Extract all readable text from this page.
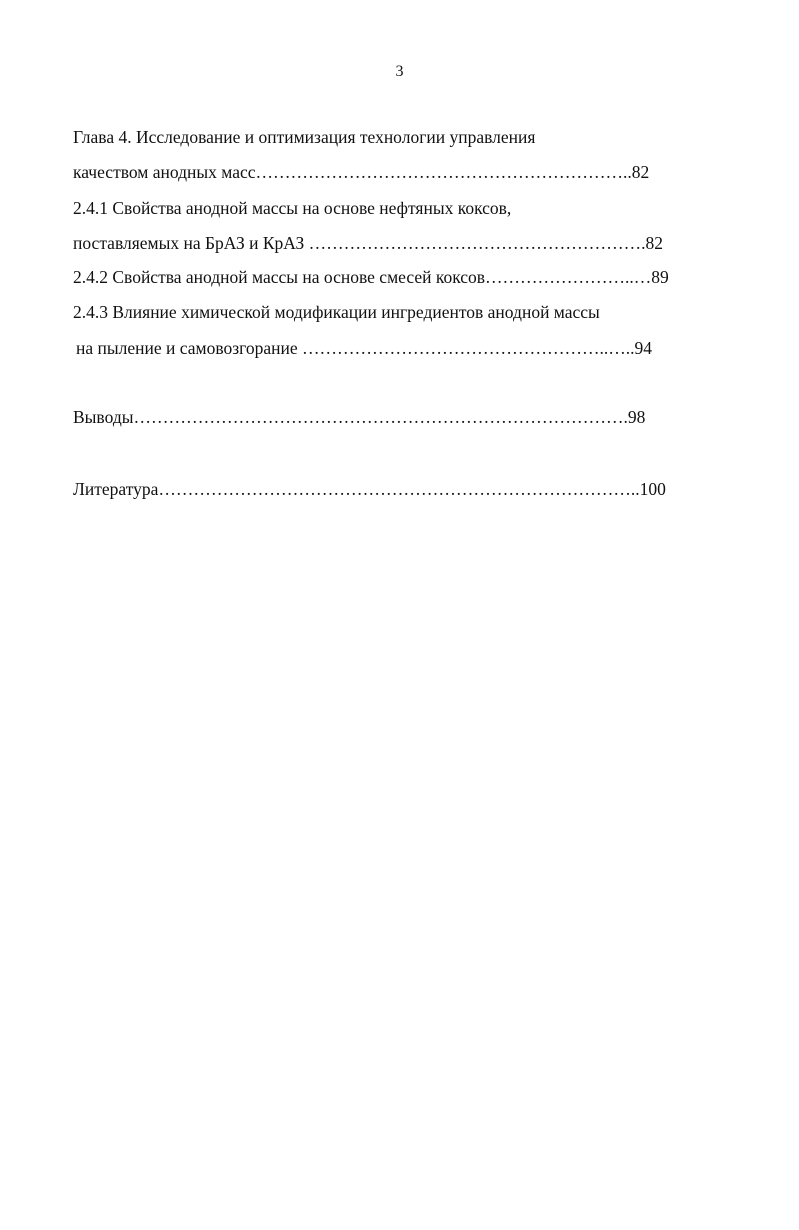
3
Глава 4. Исследование и оптимизация технологии управления
качеством анодных масс………………………………………………………..82
2.4.1 Свойства анодной массы на основе нефтяных коксов,
поставляемых на БрАЗ и КрАЗ ………………………………………………….82
2.4.2 Свойства анодной массы на основе смесей коксов……………………..…89
2.4.3 Влияние химической модификации ингредиентов анодной массы
на пыление и самовозгорание ……………………………………………..…..94
Выводы………………………………………………………………………….98
Литература………………………………………………………………………..100
